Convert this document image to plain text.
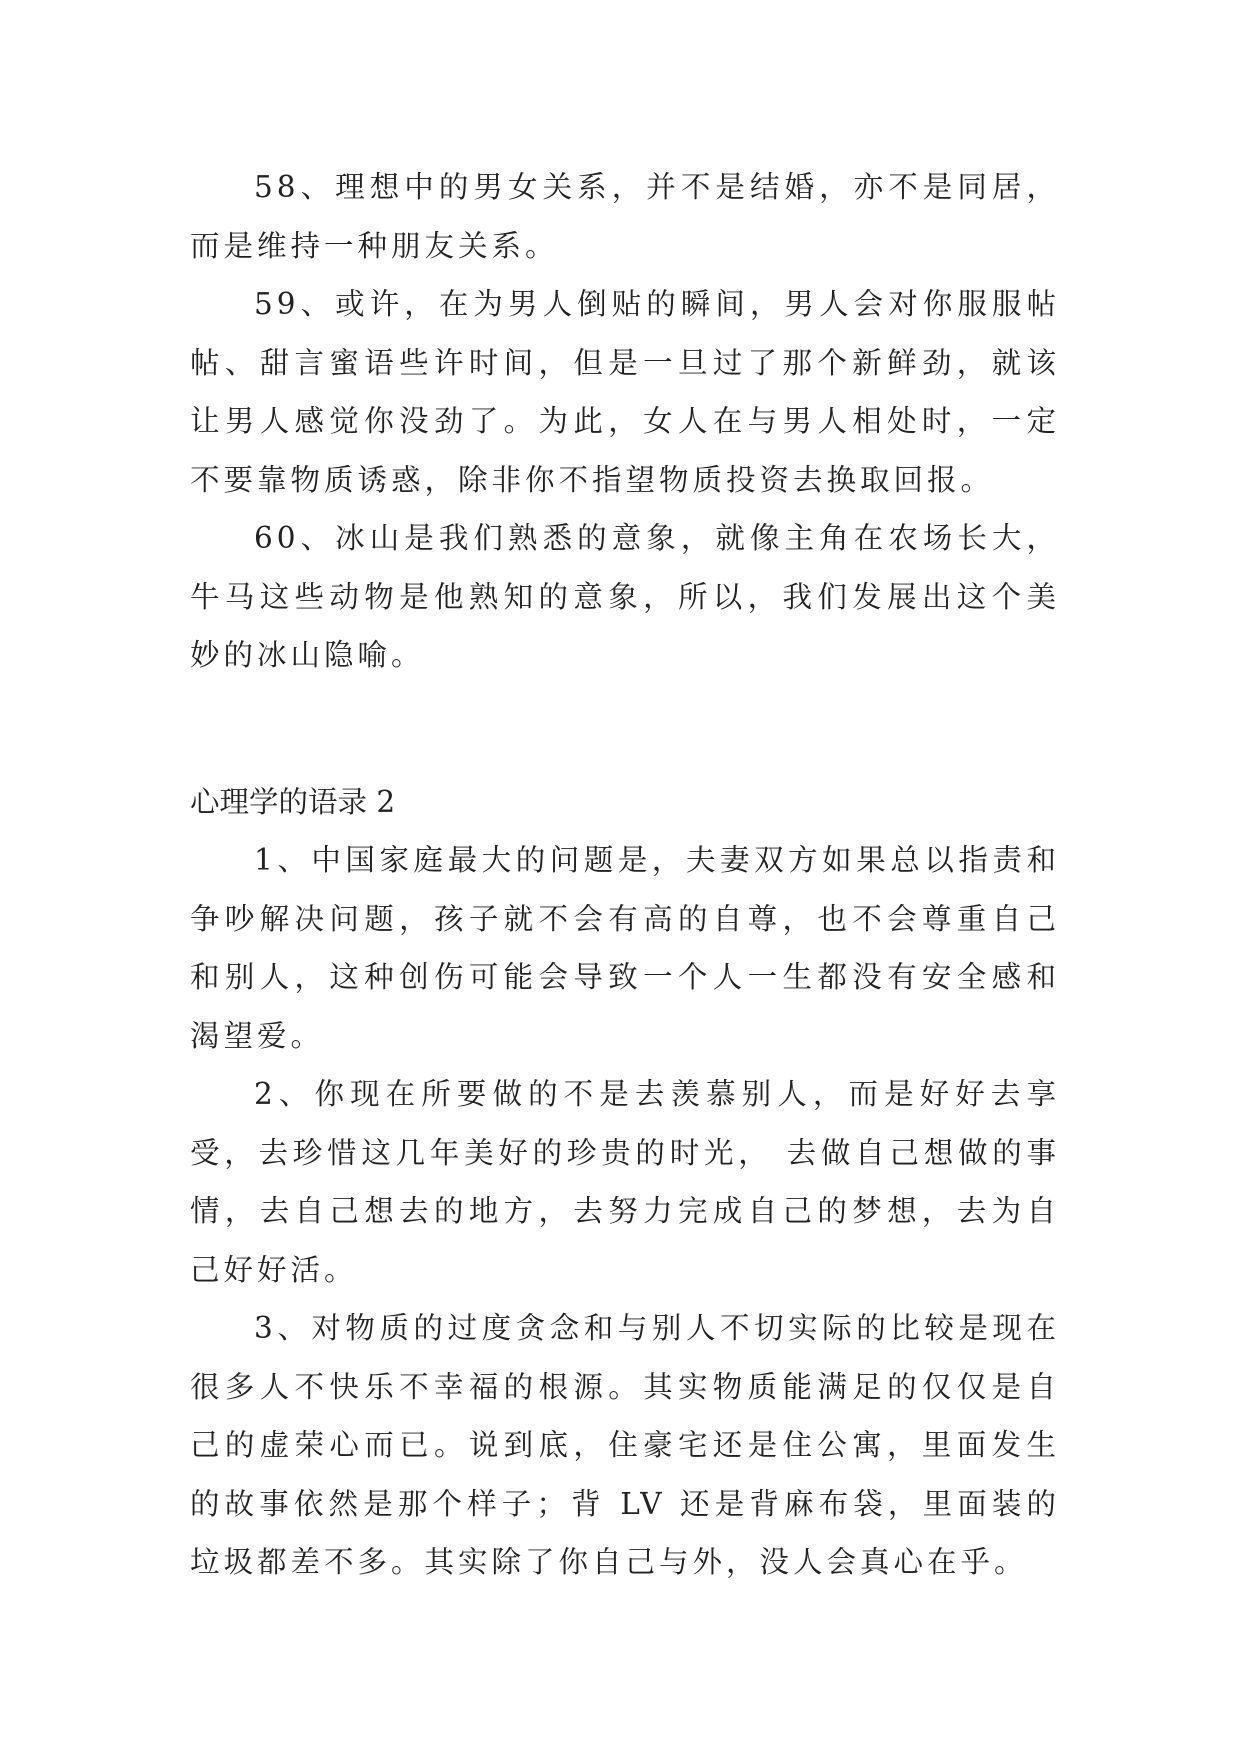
58、理想中的男女关系，并不是结婚，亦不是同居，而是维持一种朋友关系。

59、或许，在为男人倒贴的瞬间，男人会对你服服帖帖、甜言蜜语些许时间，但是一旦过了那个新鲜劲，就该让男人感觉你没劲了。为此，女人在与男人相处时，一定不要靠物质诱惑，除非你不指望物质投资去换取回报。

60、冰山是我们熟悉的意象，就像主角在农场长大，牛马这些动物是他熟知的意象，所以，我们发展出这个美妙的冰山隐喻。

心理学的语录 2

1、中国家庭最大的问题是，夫妻双方如果总以指责和争吵解决问题，孩子就不会有高的自尊，也不会尊重自己和别人，这种创伤可能会导致一个人一生都没有安全感和渴望爱。

2、你现在所要做的不是去羡慕别人，而是好好去享受，去珍惜这几年美好的珍贵的时光， 去做自己想做的事情，去自己想去的地方，去努力完成自己的梦想，去为自己好好活。

3、对物质的过度贪念和与别人不切实际的比较是现在很多人不快乐不幸福的根源。其实物质能满足的仅仅是自己的虚荣心而已。说到底，住豪宅还是住公寓，里面发生的故事依然是那个样子；背 LV 还是背麻布袋，里面装的垃圾都差不多。其实除了你自己与外，没人会真心在乎。
